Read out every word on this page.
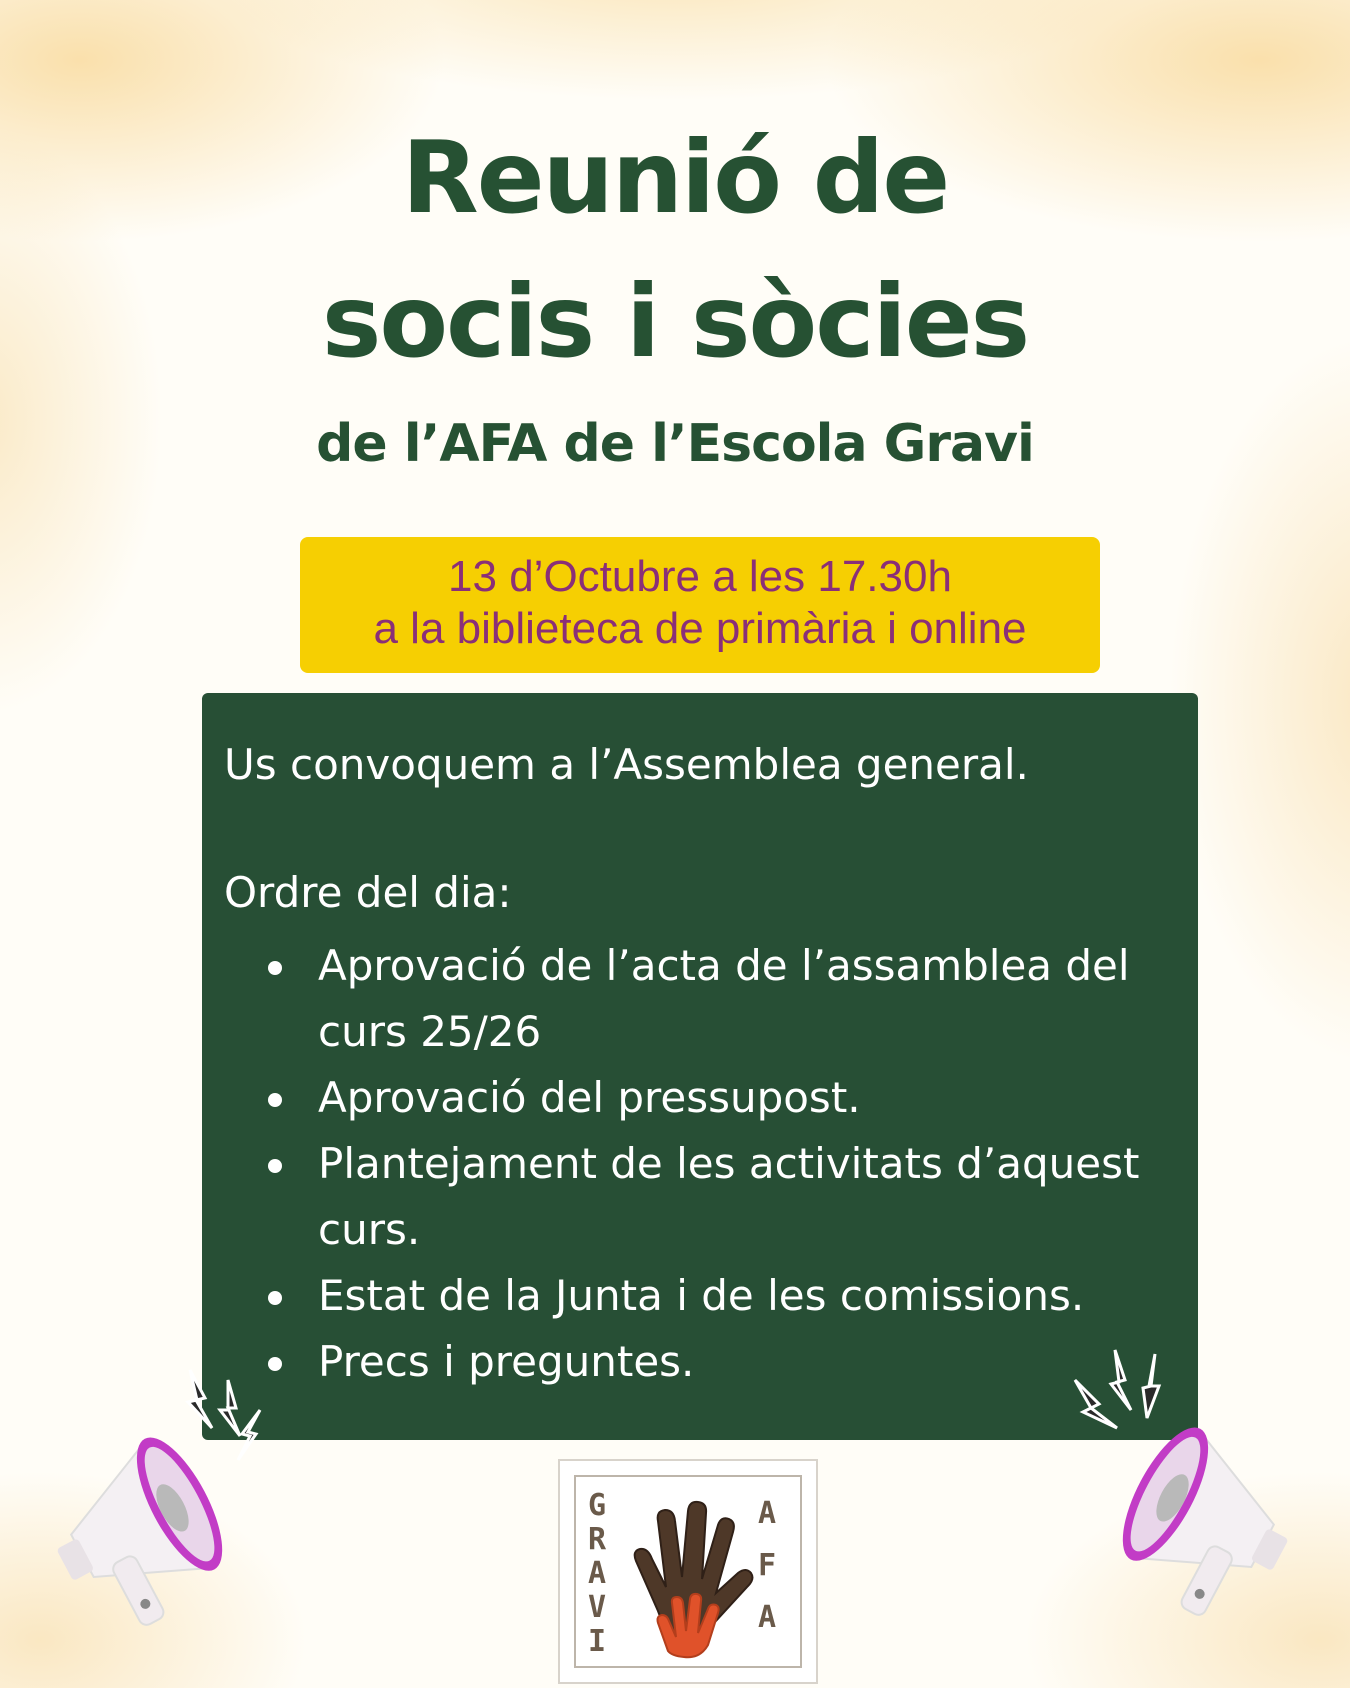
Reunió de
socis i sòcies
de l’AFA de l’Escola Gravi

13 d’Octubre a les 17.30h

a la biblieteca de primària i online

Us convoquem a l’Assemblea general.

Ordre del dia:

Aprovació de l’acta de l’assamblea del curs 25/26
Aprovació del pressupost.
Plantejament de les activitats d’aquest curs.
Estat de la Junta i de les comissions.
Precs i preguntes.
G
R
A
V
I
A
F
A
